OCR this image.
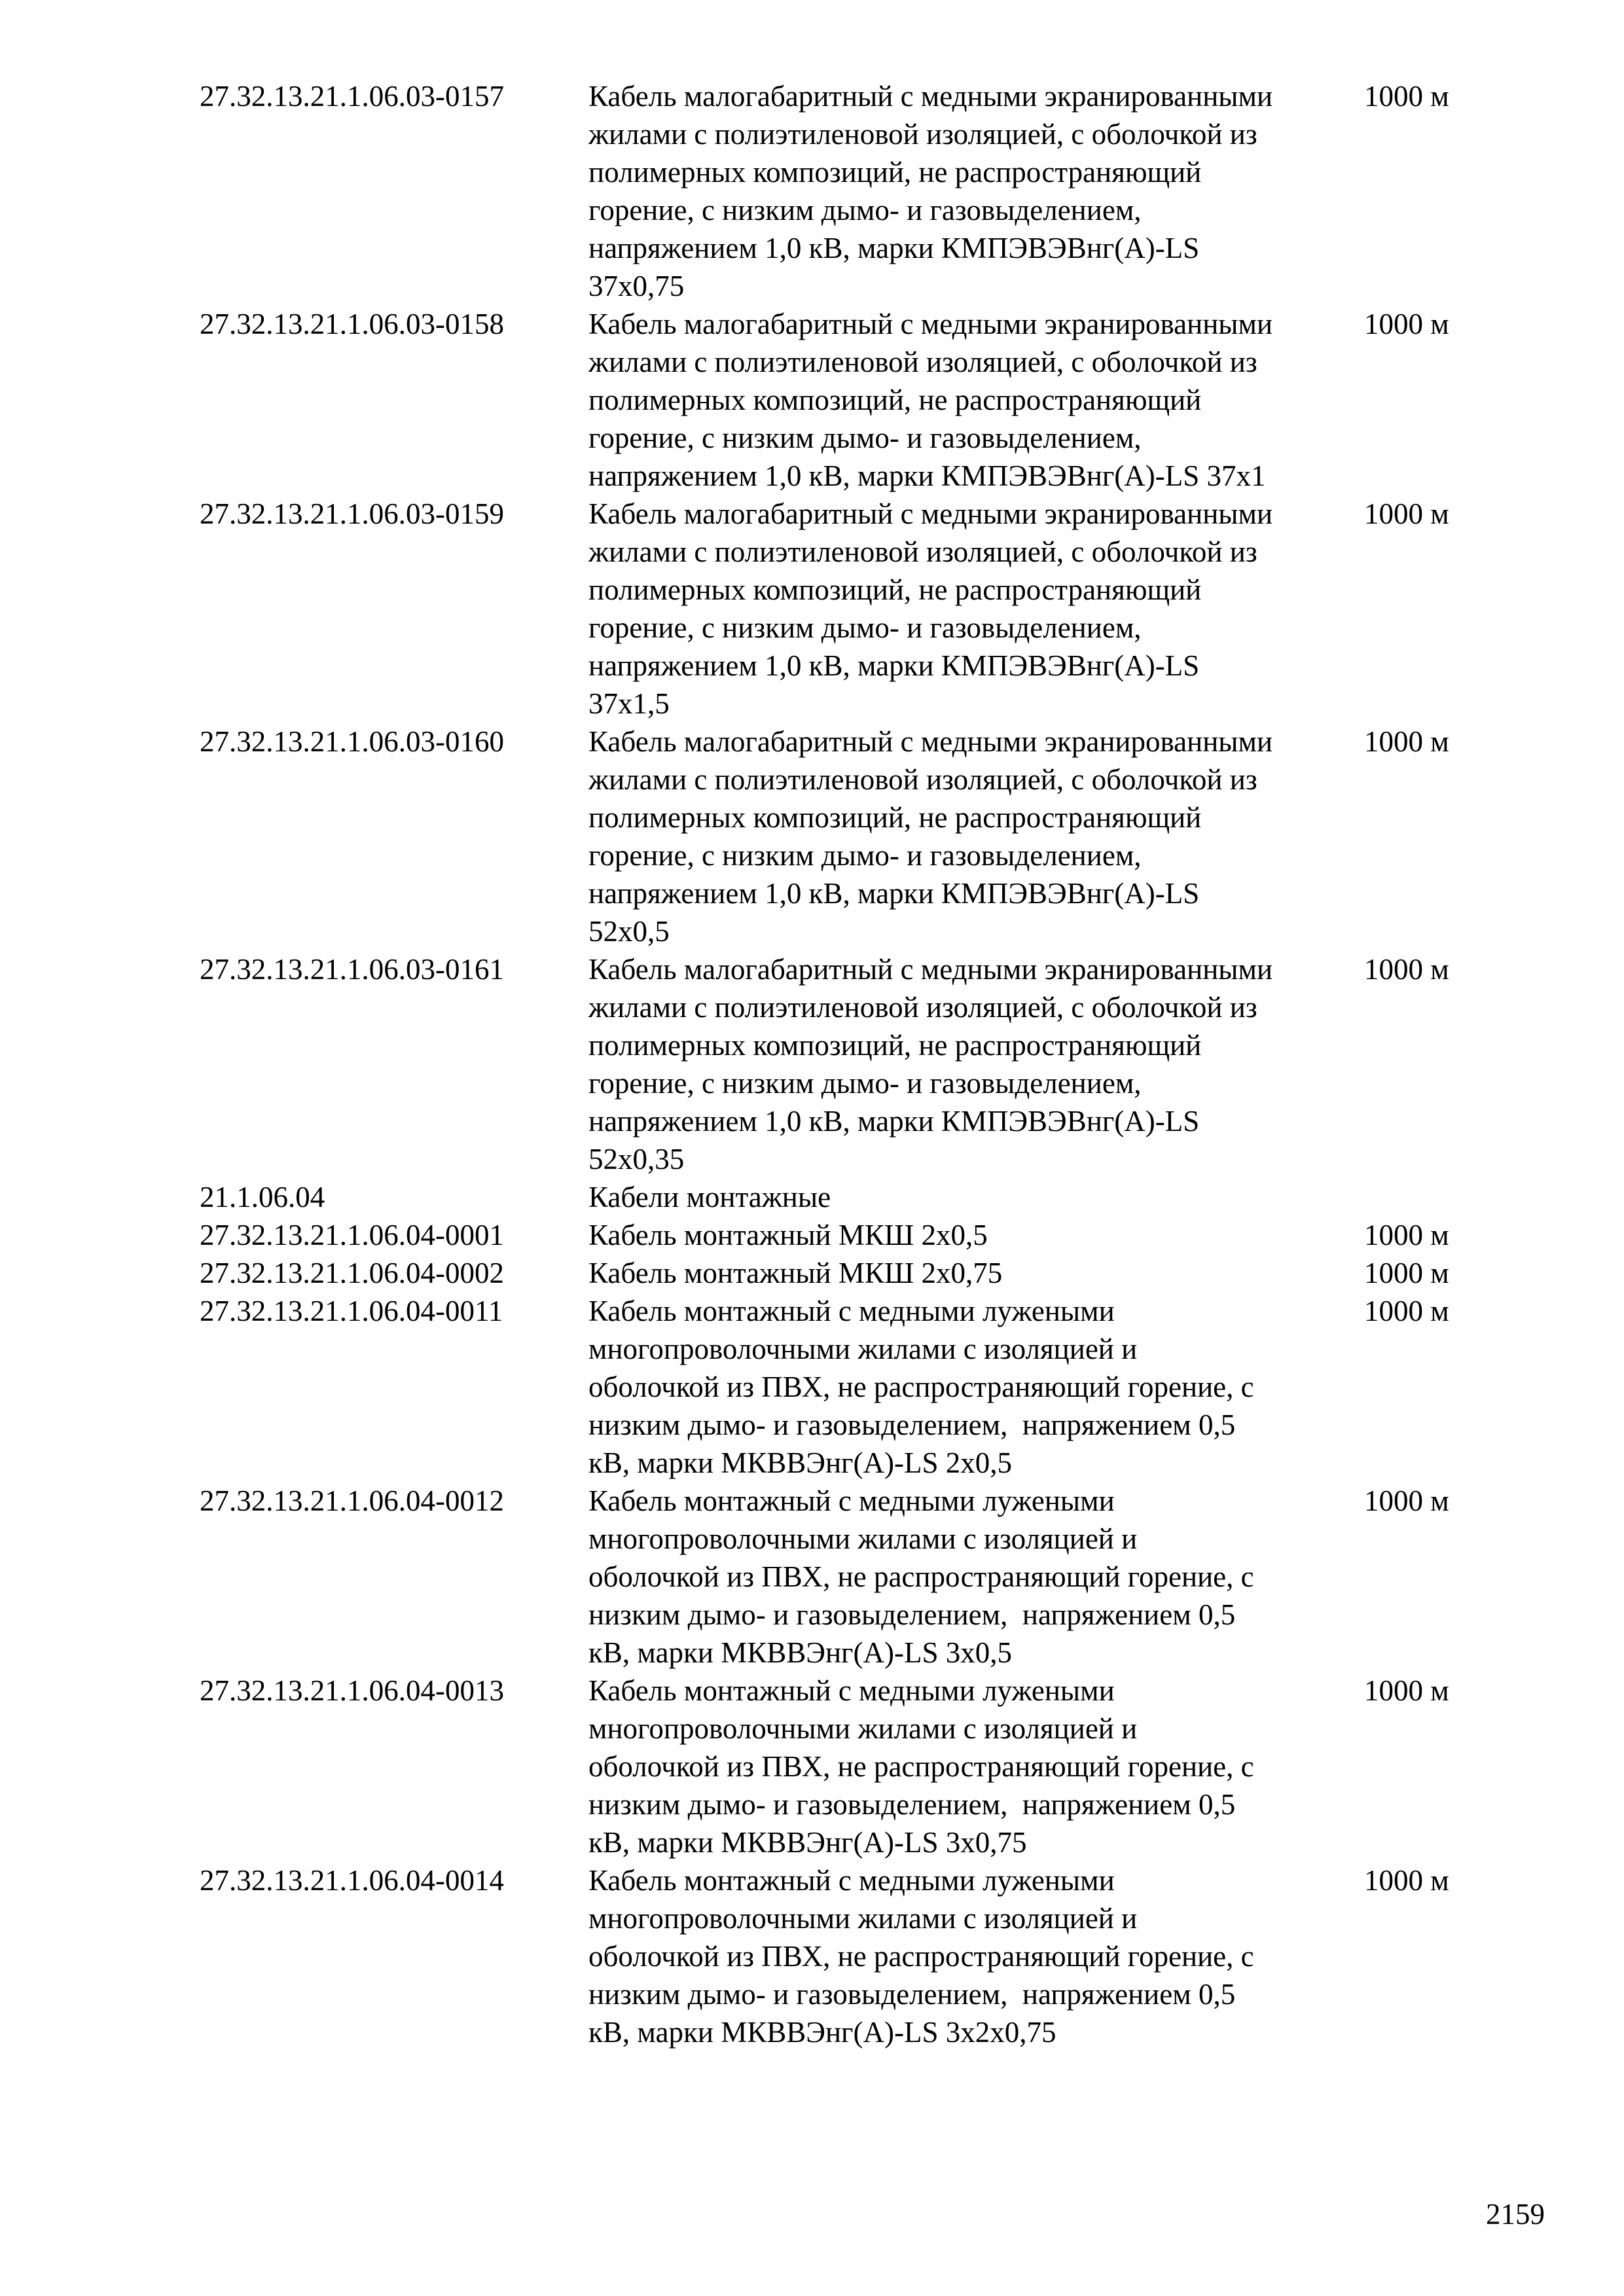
27.32.13.21.1.06.03-0157	Кабель малогабаритный с медными экранированными
жилами с полиэтиленовой изоляцией, с оболочкой из
полимерных композиций, не распространяющий
горение, с низким дымо- и газовыделением,
напряжением 1,0 кВ, марки КМПЭВЭВнг(А)-LS
37х0,75
1000 м
27.32.13.21.1.06.03-0158	Кабель малогабаритный с медными экранированными
жилами с полиэтиленовой изоляцией, с оболочкой из
полимерных композиций, не распространяющий
горение, с низким дымо- и газовыделением,
напряжением 1,0 кВ, марки КМПЭВЭВнг(А)-LS 37х1
1000 м
27.32.13.21.1.06.03-0159	Кабель малогабаритный с медными экранированными
жилами с полиэтиленовой изоляцией, с оболочкой из
полимерных композиций, не распространяющий
горение, с низким дымо- и газовыделением,
напряжением 1,0 кВ, марки КМПЭВЭВнг(А)-LS
37х1,5
1000 м
27.32.13.21.1.06.03-0160	Кабель малогабаритный с медными экранированными
жилами с полиэтиленовой изоляцией, с оболочкой из
полимерных композиций, не распространяющий
горение, с низким дымо- и газовыделением,
напряжением 1,0 кВ, марки КМПЭВЭВнг(А)-LS
52х0,5
1000 м
27.32.13.21.1.06.03-0161	Кабель малогабаритный с медными экранированными
жилами с полиэтиленовой изоляцией, с оболочкой из
полимерных композиций, не распространяющий
горение, с низким дымо- и газовыделением,
напряжением 1,0 кВ, марки КМПЭВЭВнг(А)-LS
52х0,35
1000 м
21.1.06.04	Кабели монтажные
27.32.13.21.1.06.04-0001	Кабель монтажный МКШ 2х0,5	1000 м
27.32.13.21.1.06.04-0002	Кабель монтажный МКШ 2х0,75	1000 м
27.32.13.21.1.06.04-0011	Кабель монтажный с медными лужеными
многопроволочными жилами с изоляцией и
оболочкой из ПВХ, не распространяющий горение, с
низким дымо- и газовыделением,  напряжением 0,5
кВ, марки МКВВЭнг(А)-LS 2х0,5
1000 м
27.32.13.21.1.06.04-0012	Кабель монтажный с медными лужеными
многопроволочными жилами с изоляцией и
оболочкой из ПВХ, не распространяющий горение, с
низким дымо- и газовыделением,  напряжением 0,5
кВ, марки МКВВЭнг(А)-LS 3х0,5
1000 м
27.32.13.21.1.06.04-0013	Кабель монтажный с медными лужеными
многопроволочными жилами с изоляцией и
оболочкой из ПВХ, не распространяющий горение, с
низким дымо- и газовыделением,  напряжением 0,5
кВ, марки МКВВЭнг(А)-LS 3х0,75
1000 м
27.32.13.21.1.06.04-0014	Кабель монтажный с медными лужеными
многопроволочными жилами с изоляцией и
оболочкой из ПВХ, не распространяющий горение, с
низким дымо- и газовыделением,  напряжением 0,5
кВ, марки МКВВЭнг(А)-LS 3х2х0,75
1000 м
2159
